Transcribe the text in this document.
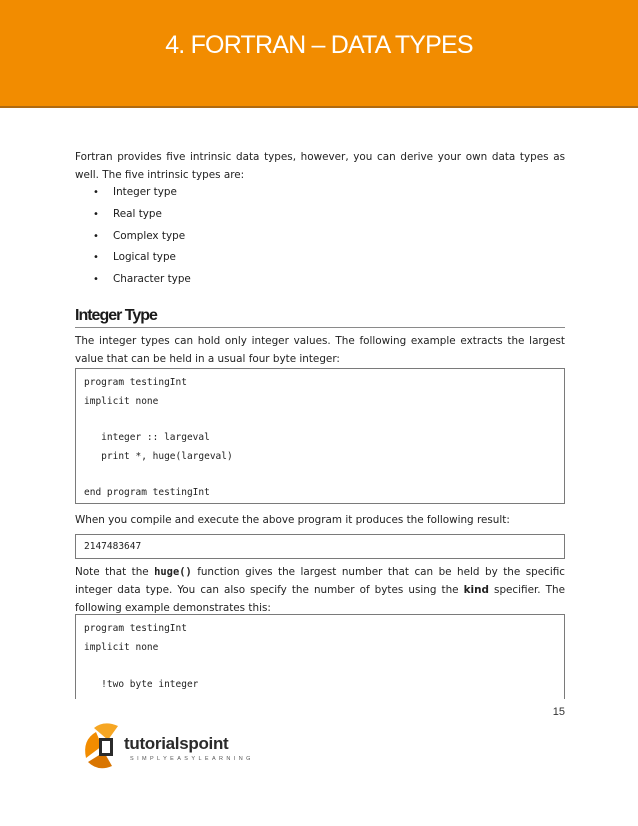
4. FORTRAN – DATA TYPES

Fortran provides five intrinsic data types, however, you can derive your own data types as well. The five intrinsic types are:

• Integer type
• Real type
• Complex type
• Logical type
• Character type
Integer Type

The integer types can hold only integer values. The following example extracts the largest value that can be held in a usual four byte integer:

program testingInt
implicit none
integer :: largeval
print *, huge(largeval)
end program testingInt

When you compile and execute the above program it produces the following result:

2147483647

Note that the huge() function gives the largest number that can be held by the specific integer data type. You can also specify the number of bytes using the kind specifier. The following example demonstrates this:

program testingInt
implicit none
!two byte integer
15
tutorialspoint
SIMPLYEASYLEARNING
